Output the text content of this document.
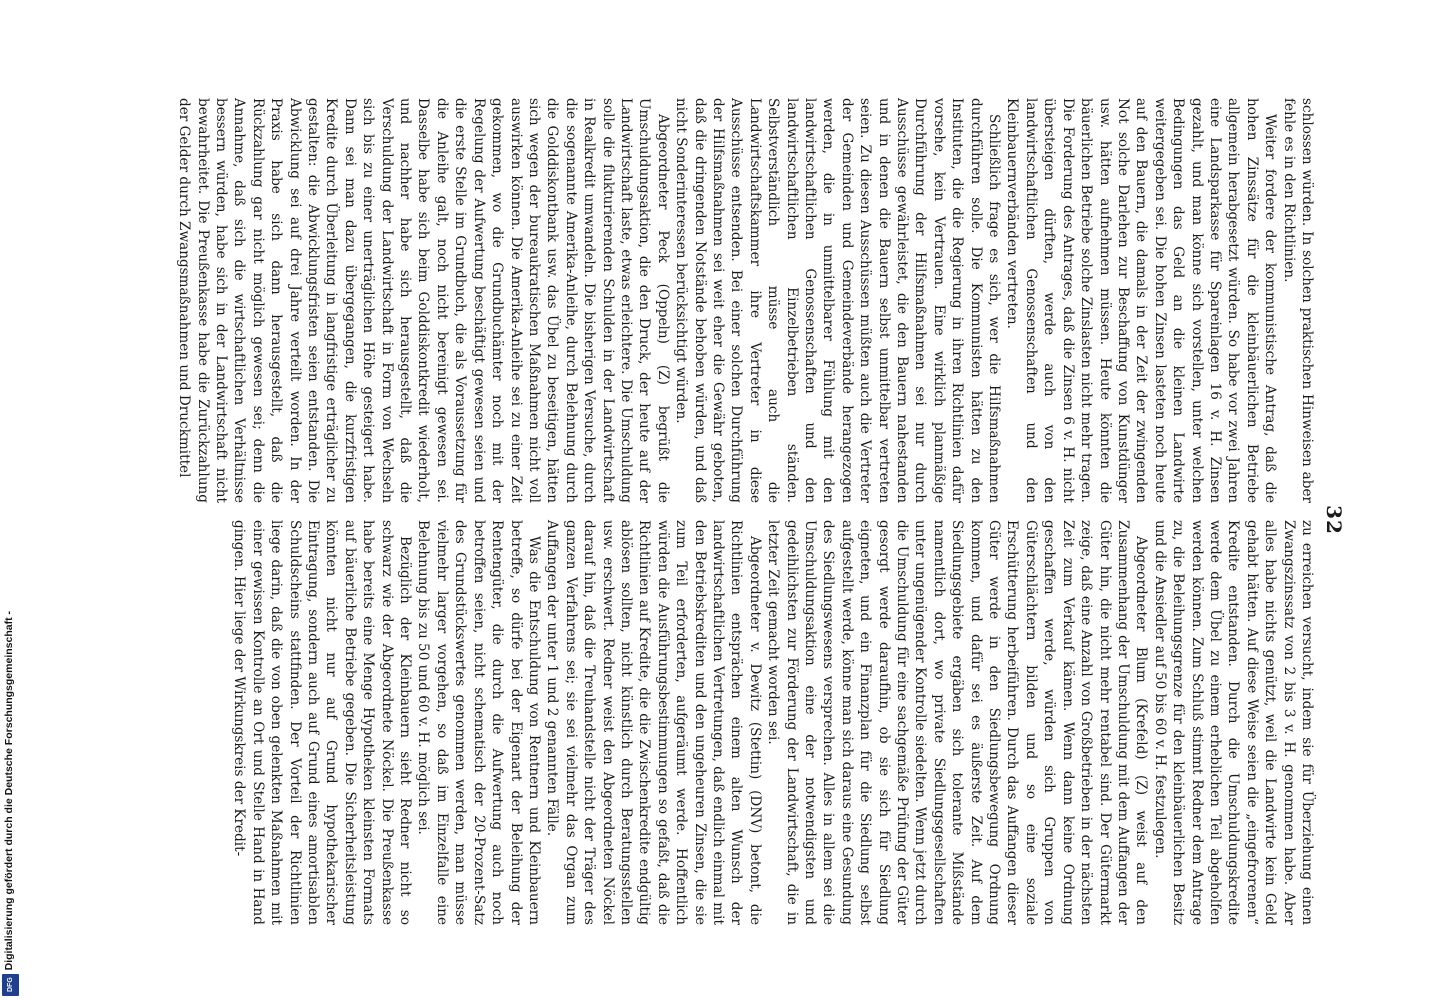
32

schlossen würden. In solchen praktischen Hinweisen aber fehle es in den Richtlinien.

Weiter fordere der kommunistische Antrag, daß die hohen Zinssätze für die kleinbäuerlichen Betriebe allgemein herabgesetzt würden. So habe vor zwei Jahren eine Landsparkasse für Spareinlagen 16 v. H. Zinsen gezahlt, und man könne sich vorstellen, unter welchen Bedingungen das Geld an die kleinen Landwirte weitergegeben sei. Die hohen Zinsen lasteten noch heute auf den Bauern, die damals in der Zeit der zwingenden Not solche Darlehen zur Beschaffung von Kunstdünger usw. hätten aufnehmen müssen. Heute könnten die bäuerlichen Betriebe solche Zinslasten nicht mehr tragen. Die Forderung des Antrages, daß die Zinsen 6 v. H. nicht übersteigen dürften, werde auch von den landwirtschaftlichen Genossenschaften und den Kleinbauernverbänden vertreten.

Schließlich frage es sich, wer die Hilfsmaßnahmen durchführen solle. Die Kommunisten hätten zu den Instituten, die die Regierung in ihren Richtlinien dafür vorsehe, kein Vertrauen. Eine wirklich planmäßige Durchführung der Hilfsmaßnahmen sei nur durch Ausschüsse gewährleistet, die den Bauern nahestanden und in denen die Bauern selbst unmittelbar vertreten seien. Zu diesen Ausschüssen müßten auch die Vertreter der Gemeinden und Gemeindeverbände herangezogen werden, die in unmittelbarer Fühlung mit den landwirtschaftlichen Genossenschaften und den landwirtschaftlichen Einzelbetrieben ständen. Selbstverständlich müsse auch die Landwirtschaftskammer ihre Vertreter in diese Ausschüsse entsenden. Bei einer solchen Durchführung der Hilfsmaßnahmen sei weit eher die Gewähr geboten, daß die dringenden Notstände behoben würden, und daß nicht Sonderinteressen berücksichtigt würden.

Abgeordneter Peck (Oppeln) (Z) begrüßt die Umschuldungsaktion, die den Druck, der heute auf der Landwirtschaft laste, etwas erleichtere. Die Umschuldung solle die flukturierenden Schulden in der Landwirtschaft in Realkredit umwandeln. Die bisherigen Versuche, durch die sogenannte Amerika-Anleihe, durch Belehnung durch die Golddiskontbank usw. das Übel zu beseitigen, hätten sich wegen der bureaukratischen Maßnahmen nicht voll auswirken können. Die Amerika-Anleihe sei zu einer Zeit gekommen, wo die Grundbuchämter noch mit der Regelung der Aufwertung beschäftigt gewesen seien und die erste Stelle im Grundbuch, die als Voraussetzung für die Anleihe galt, noch nicht bereinigt gewesen sei. Dasselbe habe sich beim Golddiskontkredit wiederholt, und nachher habe sich herausgestellt, daß die Verschuldung der Landwirtschaft in Form von Wechseln sich bis zu einer unerträglichen Höhe gesteigert habe. Dann sei man dazu übergegangen, die kurzfristigen Kredite durch Überleitung in langfristige erträglicher zu gestalten: die Abwicklungsfristen seien entstanden. Die Abwicklung sei auf drei Jahre verteilt worden. In der Praxis habe sich dann herausgestellt, daß die Rückzahlung gar nicht möglich gewesen sei; denn die Annahme, daß sich die wirtschaftlichen Verhältnisse bessern würden, habe sich in der Landwirtschaft nicht bewahrheitet. Die Preußenkasse habe die Zurückzahlung der Gelder durch Zwangsmaßnahmen und Druckmittel

zu erreichen versucht, indem sie für Überziehung einen Zwangszinssatz von 2 bis 3 v. H. genommen habe. Aber alles habe nichts genützt, weil die Landwirte kein Geld gehabt hätten. Auf diese Weise seien die „eingefrorenen“ Kredite entstanden. Durch die Umschuldungskredite werde dem Übel zu einem erheblichen Teil abgeholfen werden können. Zum Schluß stimmt Redner dem Antrage zu, die Beleihungsgrenze für den kleinbäuerlichen Besitz und die Ansiedler auf 50 bis 60 v. H. festzulegen.

Abgeordneter Blum (Krefeld) (Z) weist auf den Zusammenhang der Umschuldung mit dem Auffangen der Güter hin, die nicht mehr rentabel sind. Der Gütermarkt zeige, daß eine Anzahl von Großbetrieben in der nächsten Zeit zum Verkauf kämen. Wenn dann keine Ordnung geschaffen werde, würden sich Gruppen von Güterschlächtern bilden und so eine soziale Erschütterung herbeiführen. Durch das Auffangen dieser Güter werde in den Siedlungsbewegung Ordnung kommen, und dafür sei es äußerste Zeit. Auf dem Siedlungsgebiete ergäben sich tolerante Mißstände namentlich dort, wo private Siedlungsgesellschaften unter ungenügender Kontrolle siedelten. Wenn jetzt durch die Umschuldung für eine sachgemäße Prüfung der Güter gesorgt werde daraufhin, ob sie sich für Siedlung eigneten, und ein Finanzplan für die Siedlung selbst aufgestellt werde, könne man sich daraus eine Gesundung des Siedlungswesens versprechen. Alles in allem sei die Umschuldungsaktion eine der notwendigsten und gedeihlichsten zur Förderung der Landwirtschaft, die in letzter Zeit gemacht worden sei.

Abgeordneter v. Dewitz (Stettin) (DNV) betont, die Richtlinien entsprächen einem alten Wunsch der landwirtschaftlichen Vertretungen, daß endlich einmal mit den Betriebskrediten und den ungeheuren Zinsen, die sie zum Teil erforderten, aufgeräumt werde. Hoffentlich würden die Ausführungsbestimmungen so gefaßt, daß die Richtlinien auf Kredite, die die Zwischenkredite endgültig ablösen sollten, nicht künstlich durch Beratungsstellen usw. erschwert. Redner weist den Abgeordneten Nöckel darauf hin, daß die Treuhandstelle nicht der Träger des ganzen Verfahrens sei; sie sei vielmehr das Organ zum Auffangen der unter 1 und 2 genannten Fälle.

Was die Entschuldung von Rentnern und Kleinbauern betreffe, so dürfe bei der Eigenart der Beleihung der Rentengüter, die durch die Aufwertung auch noch betroffen seien, nicht schematisch der 20-Prozent-Satz des Grundstückswertes genommen werden, man müsse vielmehr larger vorgehen, so daß im Einzelfalle eine Belehnung bis zu 50 und 60 v. H. möglich sei.

Bezüglich der Kleinbauern sieht Redner nicht so schwarz wie der Abgeordnete Nöckel. Die Preußenkasse habe bereits eine Menge Hypotheken kleinsten Formats auf bäuerliche Betriebe gegeben. Die Sicherheitsleistung könnten nicht nur auf Grund hypothekarischer Eintragung, sondern auch auf Grund eines amortisablen Schuldscheins stattfinden. Der Vorteil der Richtlinien liege darin, daß die von oben gelenkten Maßnahmen mit einer gewissen Kontrolle an Ort und Stelle Hand in Hand gingen. Hier liege der Wirkungskreis der Kredit-

Digitalisierung gefördert durch die Deutsche Forschungsgemeinschaft -
DFG
